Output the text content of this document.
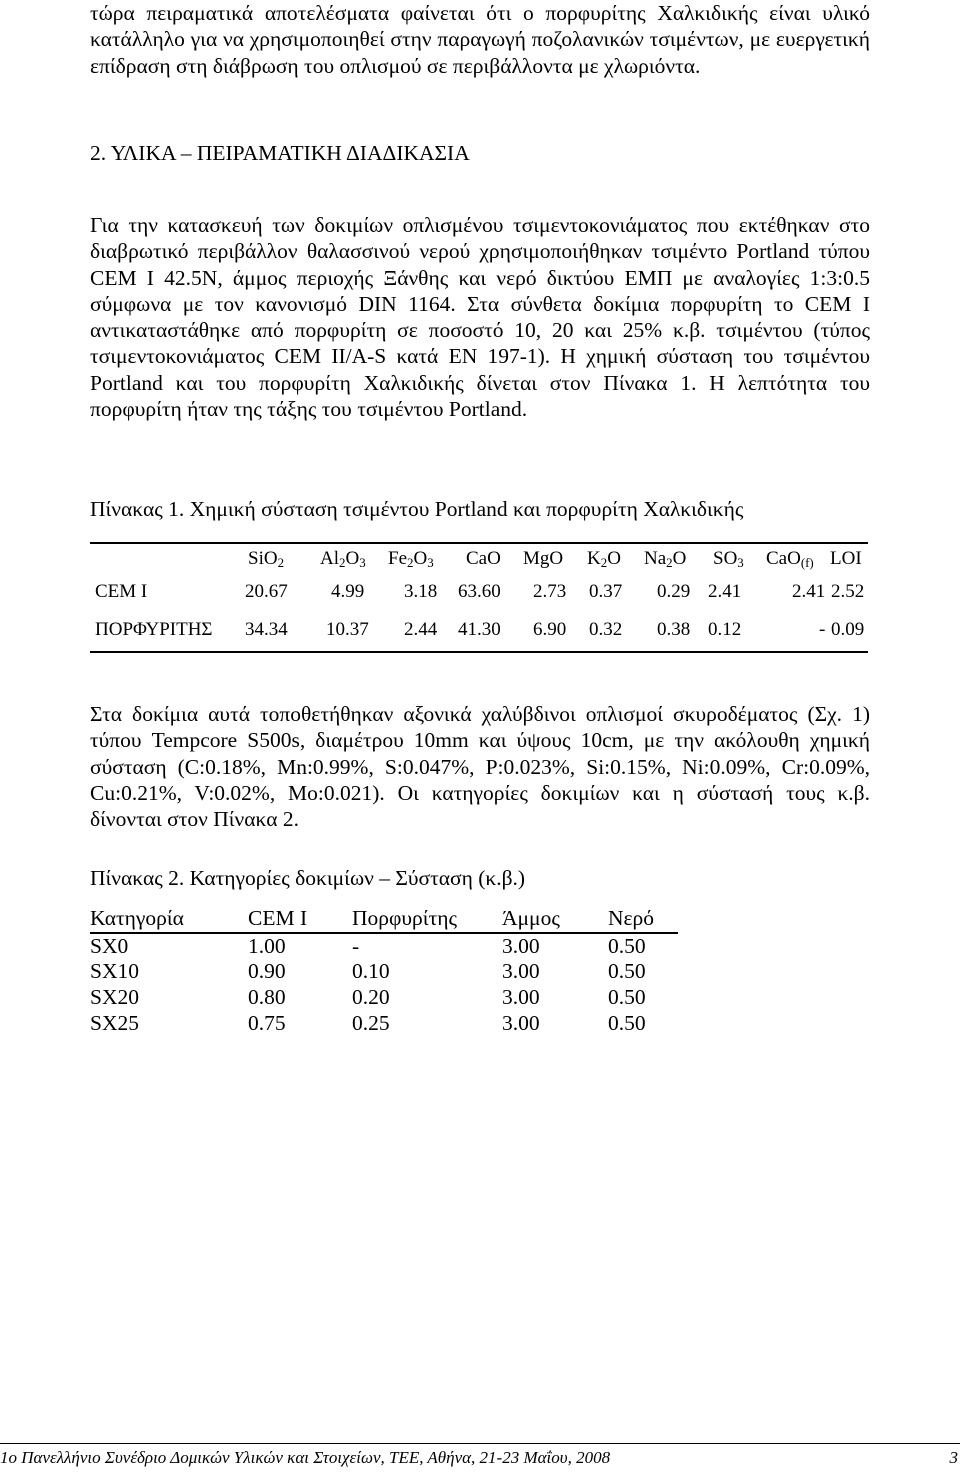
τώρα πειραματικά αποτελέσματα φαίνεται ότι ο πορφυρίτης Χαλκιδικής είναι υλικό κατάλληλο για να χρησιμοποιηθεί στην παραγωγή ποζολανικών τσιμέντων, με ευεργετική επίδραση στη διάβρωση του οπλισμού σε περιβάλλοντα με χλωριόντα.

2. ΥΛΙΚΑ – ΠΕΙΡΑΜΑΤΙΚΗ ΔΙΑΔΙΚΑΣΙΑ

Για την κατασκευή των δοκιμίων οπλισμένου τσιμεντοκονιάματος που εκτέθηκαν στο διαβρωτικό περιβάλλον θαλασσινού νερού χρησιμοποιήθηκαν τσιμέντο Portland τύπου CEM I 42.5N, άμμος περιοχής Ξάνθης και νερό δικτύου ΕΜΠ με αναλογίες 1:3:0.5 σύμφωνα με τον κανονισμό DIN 1164. Στα σύνθετα δοκίμια πορφυρίτη το CEM I αντικαταστάθηκε από πορφυρίτη σε ποσοστό 10, 20 και 25% κ.β. τσιμέντου (τύπος τσιμεντοκονιάματος CEM II/A-S κατά EN 197-1). Η χημική σύσταση του τσιμέντου Portland και του πορφυρίτη Χαλκιδικής δίνεται στον Πίνακα 1. Η λεπτότητα του πορφυρίτη ήταν της τάξης του τσιμέντου Portland.

Πίνακας 1. Χημική σύσταση τσιμέντου Portland και πορφυρίτη Χαλκιδικής
SiO$_2$ $Al_2O_3$ $Fe_2O_3$ CaO MgO $K_2O$ $Na_2O$ $SO_3$ CaO$_{(f)}$ LOI
CEM I	20.67 4.99 3.18 63.60 2.73 0.37 0.29 2.41	2.41 2.52
ΠΟΡΦΥΡΙΤΗΣ 34.34 10.37 2.44 41.30 6.90 0.32 0.38 0.12	- 0.09

Στα δοκίμια αυτά τοποθετήθηκαν αξονικά χαλύβδινοι οπλισμοί σκυροδέματος (Σχ. 1) τύπου Tempcore S500s, διαμέτρου 10mm και ύψους 10cm, με την ακόλουθη χημική σύσταση (C:0.18%, Mn:0.99%, S:0.047%, P:0.023%, Si:0.15%, Ni:0.09%, Cr:0.09%, Cu:0.21%, V:0.02%, Mo:0.021). Οι κατηγορίες δοκιμίων και η σύστασή τους κ.β. δίνονται στον Πίνακα 2.

Πίνακας 2. Κατηγορίες δοκιμίων – Σύσταση (κ.β.)
Κατηγορία	CEM I	Πορφυρίτης	Άμμος	Νερό
SX0	1.00	-	3.00	0.50
SX10	0.90	0.10	3.00	0.50
SX20	0.80	0.20	3.00	0.50
SX25	0.75	0.25	3.00	0.50
1ο Πανελλήνιο Συνέδριο Δομικών Υλικών και Στοιχείων, ΤΕΕ, Αθήνα, 21-23 Μαΐου, 2008	3
